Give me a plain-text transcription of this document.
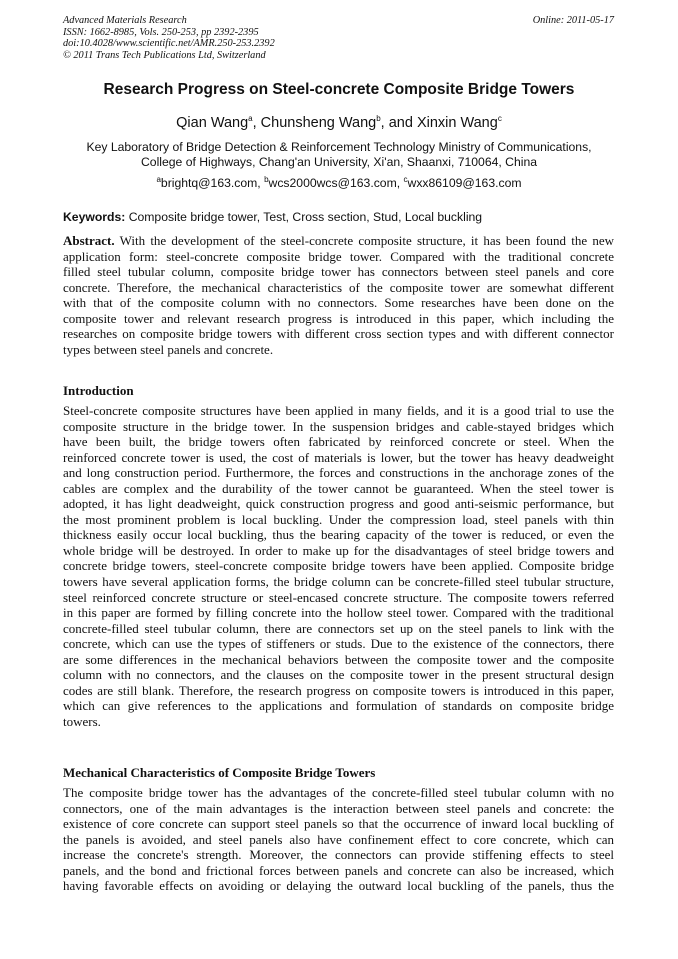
Advanced Materials Research
ISSN: 1662-8985, Vols. 250-253, pp 2392-2395
doi:10.4028/www.scientific.net/AMR.250-253.2392
© 2011 Trans Tech Publications Ltd, Switzerland
Online: 2011-05-17
Research Progress on Steel-concrete Composite Bridge Towers
Qian Wang$^a$, Chunsheng Wang$^b$, and Xinxin Wang$^c$
Key Laboratory of Bridge Detection & Reinforcement Technology Ministry of Communications,
College of Highways, Chang'an University, Xi'an, Shaanxi, 710064, China
$^a$brightq@163.com, $^b$wcs2000wcs@163.com, $^c$wxx86109@163.com
Keywords: Composite bridge tower, Test, Cross section, Stud, Local buckling
Abstract. With the development of the steel-concrete composite structure, it has been found the new
application form: steel-concrete composite bridge tower. Compared with the traditional concrete
filled steel tubular column, composite bridge tower has connectors between steel panels and core
concrete. Therefore, the mechanical characteristics of the composite tower are somewhat different
with that of the composite column with no connectors. Some researches have been done on the
composite tower and relevant research progress is introduced in this paper, which including the
researches on composite bridge towers with different cross section types and with different connector
types between steel panels and concrete.
Introduction
Steel-concrete composite structures have been applied in many fields, and it is a good trial to use the
composite structure in the bridge tower. In the suspension bridges and cable-stayed bridges which
have been built, the bridge towers often fabricated by reinforced concrete or steel. When the
reinforced concrete tower is used, the cost of materials is lower, but the tower has heavy deadweight
and long construction period. Furthermore, the forces and constructions in the anchorage zones of the
cables are complex and the durability of the tower cannot be guaranteed. When the steel tower is
adopted, it has light deadweight, quick construction progress and good anti-seismic performance, but
the most prominent problem is local buckling. Under the compression load, steel panels with thin
thickness easily occur local buckling, thus the bearing capacity of the tower is reduced, or even the
whole bridge will be destroyed. In order to make up for the disadvantages of steel bridge towers and
concrete bridge towers, steel-concrete composite bridge towers have been applied. Composite bridge
towers have several application forms, the bridge column can be concrete-filled steel tubular structure,
steel reinforced concrete structure or steel-encased concrete structure. The composite towers referred
in this paper are formed by filling concrete into the hollow steel tower. Compared with the traditional
concrete-filled steel tubular column, there are connectors set up on the steel panels to link with the
concrete, which can use the types of stiffeners or studs. Due to the existence of the connectors, there
are some differences in the mechanical behaviors between the composite tower and the composite
column with no connectors, and the clauses on the composite tower in the present structural design
codes are still blank. Therefore, the research progress on composite towers is introduced in this paper,
which can give references to the applications and formulation of standards on composite bridge
towers.
Mechanical Characteristics of Composite Bridge Towers
The composite bridge tower has the advantages of the concrete-filled steel tubular column with no
connectors, one of the main advantages is the interaction between steel panels and concrete: the
existence of core concrete can support steel panels so that the occurrence of inward local buckling of
the panels is avoided, and steel panels also have confinement effect to core concrete, which can
increase the concrete's strength. Moreover, the connectors can provide stiffening effects to steel
panels, and the bond and frictional forces between panels and concrete can also be increased, which
having favorable effects on avoiding or delaying the outward local buckling of the panels, thus the
